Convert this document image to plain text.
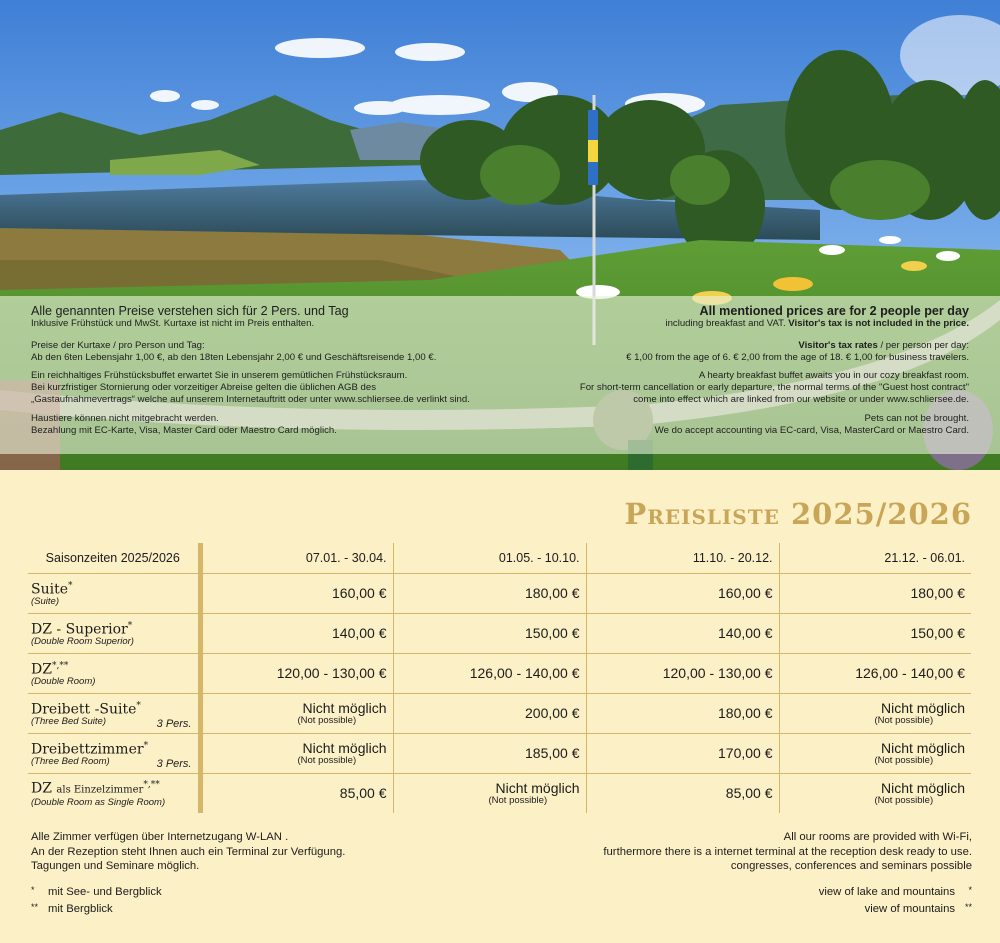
Alle genannten Preise verstehen sich für 2 Pers. und Tag
Inklusive Frühstück und MwSt. Kurtaxe ist nicht im Preis enthalten.
Preise der Kurtaxe / pro Person und Tag:
Ab den 6ten Lebensjahr 1,00 €, ab den 18ten Lebensjahr 2,00 € und Geschäftsreisende 1,00 €.
Ein reichhaltiges Frühstücksbuffet erwartet Sie in unserem gemütlichen Frühstücksraum.
Bei kurzfristiger Stornierung oder vorzeitiger Abreise gelten die üblichen AGB des
„Gastaufnahmevertrags“ welche auf unserem Internetauftritt oder unter www.schliersee.de verlinkt sind.
Haustiere können nicht mitgebracht werden.
Bezahlung mit EC-Karte, Visa, Master Card oder Maestro Card möglich.
All mentioned prices are for 2 people per day
including breakfast and VAT. Visitor's tax is not included in the price.
Visitor's tax rates / per person per day:
€ 1,00 from the age of 6. € 2,00 from the age of 18. € 1,00 for business travelers.
A hearty breakfast buffet awaits you in our cozy breakfast room.
For short-term cancellation or early departure, the normal terms of the "Guest host contract"
come into effect which are linked from our website or under www.schliersee.de.
Pets can not be brought.
We do accept accounting via EC-card, Visa, MasterCard or Maestro Card.
Preisliste 2025/2026
Saisonzeiten 2025/2026	07.01. - 30.04.	01.05. - 10.10.	11.10. - 20.12.	21.12. - 06.01.

Suite*
(Suite)	160,00 €	180,00 €	160,00 €	180,00 €

DZ - Superior*
(Double Room Superior)	140,00 €	150,00 €	140,00 €	150,00 €

DZ*,**
(Double Room)	120,00 - 130,00 €	126,00 - 140,00 €	120,00 - 130,00 €	126,00 - 140,00 €

Dreibett -Suite*
(Three Bed Suite) 3 Pers.	Nicht möglich
(Not possible)	200,00 €	180,00 €	Nicht möglich
(Not possible)

Dreibettzimmer*
(Three Bed Room) 3 Pers.	Nicht möglich
(Not possible)	185,00 €	170,00 €	Nicht möglich
(Not possible)

DZ als Einzelzimmer*,**
(Double Room as Single Room)	85,00 €	Nicht möglich
(Not possible)	85,00 €	Nicht möglich
(Not possible)
Alle Zimmer verfügen über Internetzugang W-LAN .
An der Rezeption steht Ihnen auch ein Terminal zur Verfügung.
Tagungen und Seminare möglich.
All our rooms are provided with Wi-Fi,
furthermore there is a internet terminal at the reception desk ready to use.
congresses, conferences and seminars possible
* mit See- und Bergblick
** mit Bergblick
view of lake and mountains *
view of mountains **
